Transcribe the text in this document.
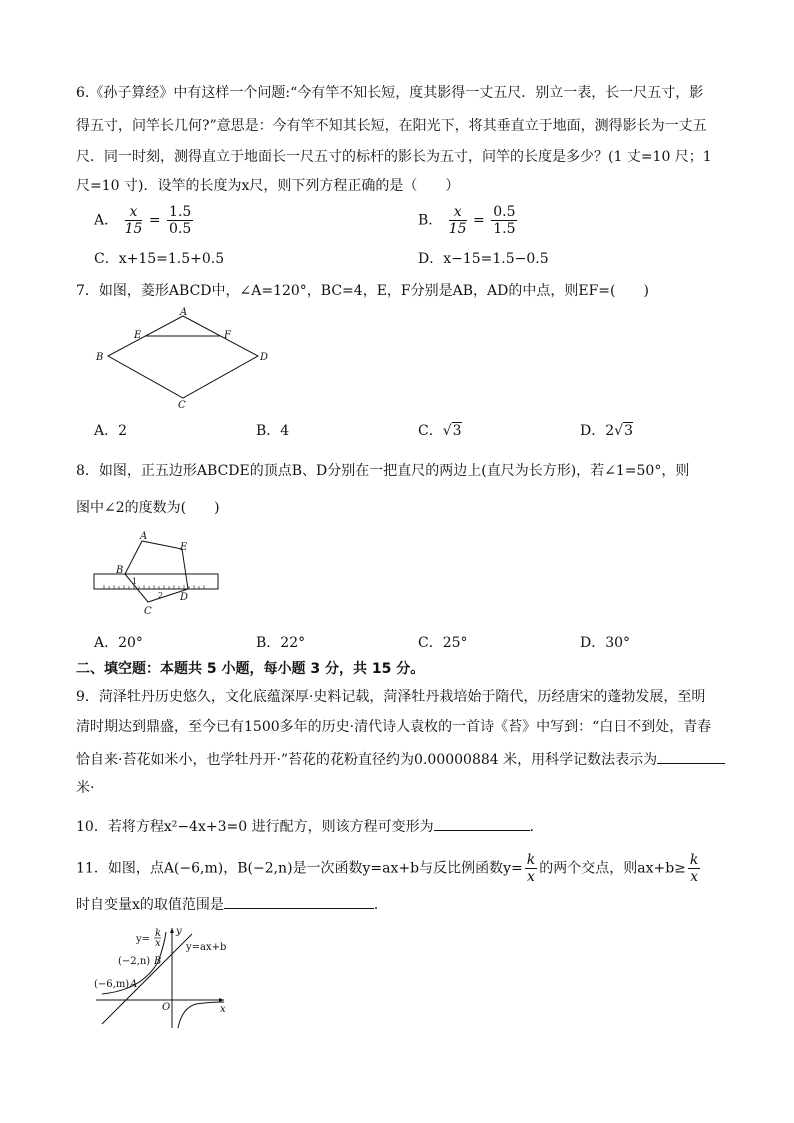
6.《孙子算经》中有这样一个问题:“今有竿不知长短，度其影得一丈五尺．别立一表，长一尺五寸，影
得五寸，问竿长几何?”意思是：今有竿不知其长短，在阳光下，将其垂直立于地面，测得影长为一丈五
尺．同一时刻，测得直立于地面长一尺五寸的标杆的影长为五寸，问竿的长度是多少？(1 丈=10 尺；1
尺=10 寸)．设竿的长度为x尺，则下列方程正确的是（　　）
A． $\frac{x}{15} = \frac{1.5}{0.5}$	B． $\frac{x}{15} = \frac{0.5}{1.5}$
C．x+15=1.5+0.5	D．x−15=1.5−0.5
7．如图，菱形ABCD中，∠A=120°，BC=4，E，F分别是AB，AD的中点，则EF=(　　)
A
B
C
D
E	F
A．2	B．4	C．√3	D．2√3
8．如图，正五边形ABCDE的顶点B、D分别在一把直尺的两边上(直尺为长方形)，若∠1=50°，则
图中∠2的度数为(　　)
A
B
C
D
E
1
2
A．20°	B．22°	C．25°	D．30°
二、填空题：本题共 5 小题，每小题 3 分，共 15 分。
9．菏泽牡丹历史悠久，文化底蕴深厚·史料记载，菏泽牡丹栽培始于隋代，历经唐宋的蓬勃发展，至明
清时期达到鼎盛，至今已有1500多年的历史·清代诗人袁枚的一首诗《苔》中写到：“白日不到处，青春
恰自来·苔花如米小，也学牡丹开·”苔花的花粉直径约为0.00000884 米，用科学记数法表示为
米·
10．若将方程x²−4x+3=0 进行配方，则该方程可变形为	．
11．如图，点A(−6,m)，B(−2,n)是一次函数y=ax+b与反比例函数$y= \frac{k}{x}$ 的两个交点，则$ax+b\ge \frac{k}{x}$
时自变量x的取值范围是	．
y=
k
x
y
y=ax+b
(−2,n) B
(−6,m) A
O	x
